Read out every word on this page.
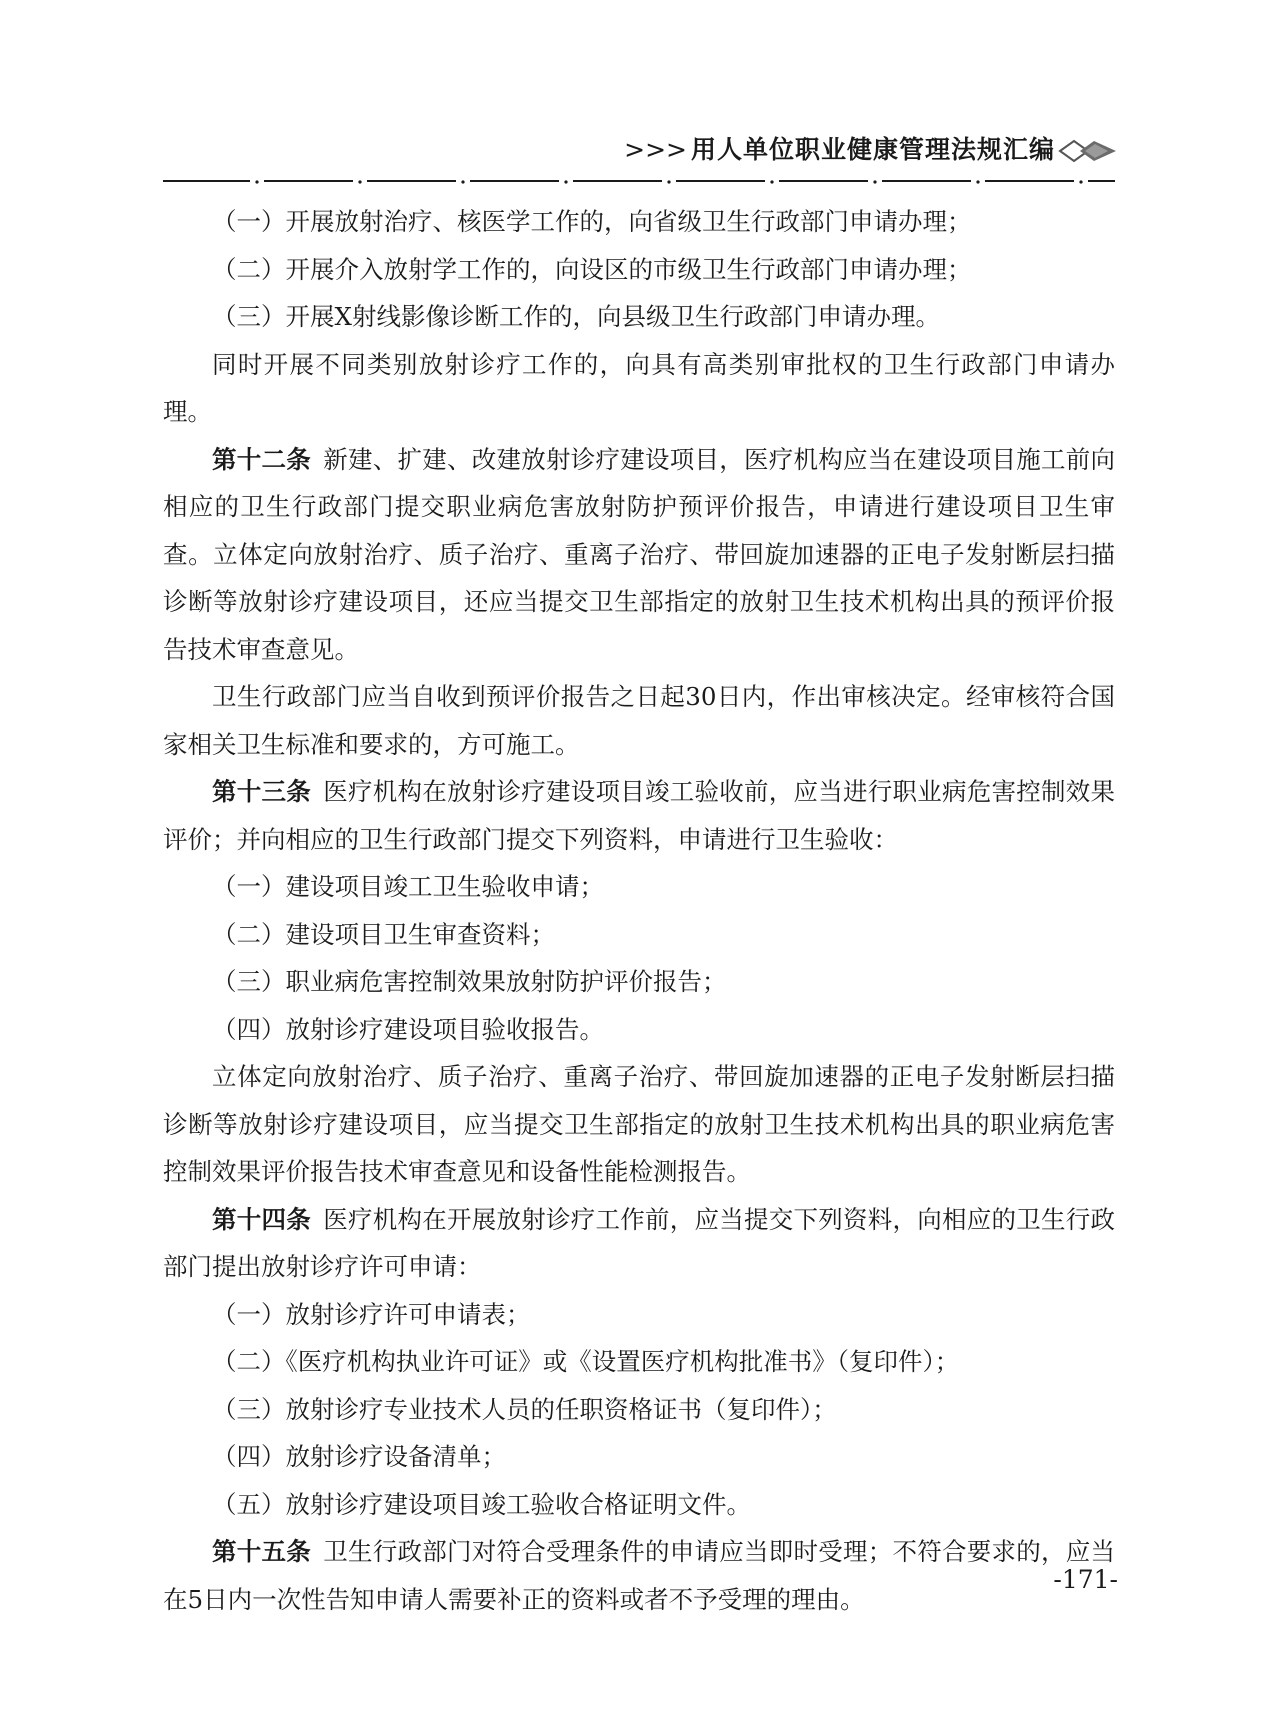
>>> 用人单位职业健康管理法规汇编

（一）开展放射治疗、核医学工作的，向省级卫生行政部门申请办理；

（二）开展介入放射学工作的，向设区的市级卫生行政部门申请办理；

（三）开展X射线影像诊断工作的，向县级卫生行政部门申请办理。

同时开展不同类别放射诊疗工作的，向具有高类别审批权的卫生行政部门申请办理。

第十二条 新建、扩建、改建放射诊疗建设项目，医疗机构应当在建设项目施工前向相应的卫生行政部门提交职业病危害放射防护预评价报告，申请进行建设项目卫生审查。立体定向放射治疗、质子治疗、重离子治疗、带回旋加速器的正电子发射断层扫描诊断等放射诊疗建设项目，还应当提交卫生部指定的放射卫生技术机构出具的预评价报告技术审查意见。

卫生行政部门应当自收到预评价报告之日起30日内，作出审核决定。经审核符合国家相关卫生标准和要求的，方可施工。

第十三条 医疗机构在放射诊疗建设项目竣工验收前，应当进行职业病危害控制效果评价；并向相应的卫生行政部门提交下列资料，申请进行卫生验收：

（一）建设项目竣工卫生验收申请；

（二）建设项目卫生审查资料；

（三）职业病危害控制效果放射防护评价报告；

（四）放射诊疗建设项目验收报告。

立体定向放射治疗、质子治疗、重离子治疗、带回旋加速器的正电子发射断层扫描诊断等放射诊疗建设项目，应当提交卫生部指定的放射卫生技术机构出具的职业病危害控制效果评价报告技术审查意见和设备性能检测报告。

第十四条 医疗机构在开展放射诊疗工作前，应当提交下列资料，向相应的卫生行政部门提出放射诊疗许可申请：

（一）放射诊疗许可申请表；

（二）《医疗机构执业许可证》或《设置医疗机构批准书》（复印件）；

（三）放射诊疗专业技术人员的任职资格证书（复印件）；

（四）放射诊疗设备清单；

（五）放射诊疗建设项目竣工验收合格证明文件。

第十五条 卫生行政部门对符合受理条件的申请应当即时受理；不符合要求的，应当在5日内一次性告知申请人需要补正的资料或者不予受理的理由。

-171-
